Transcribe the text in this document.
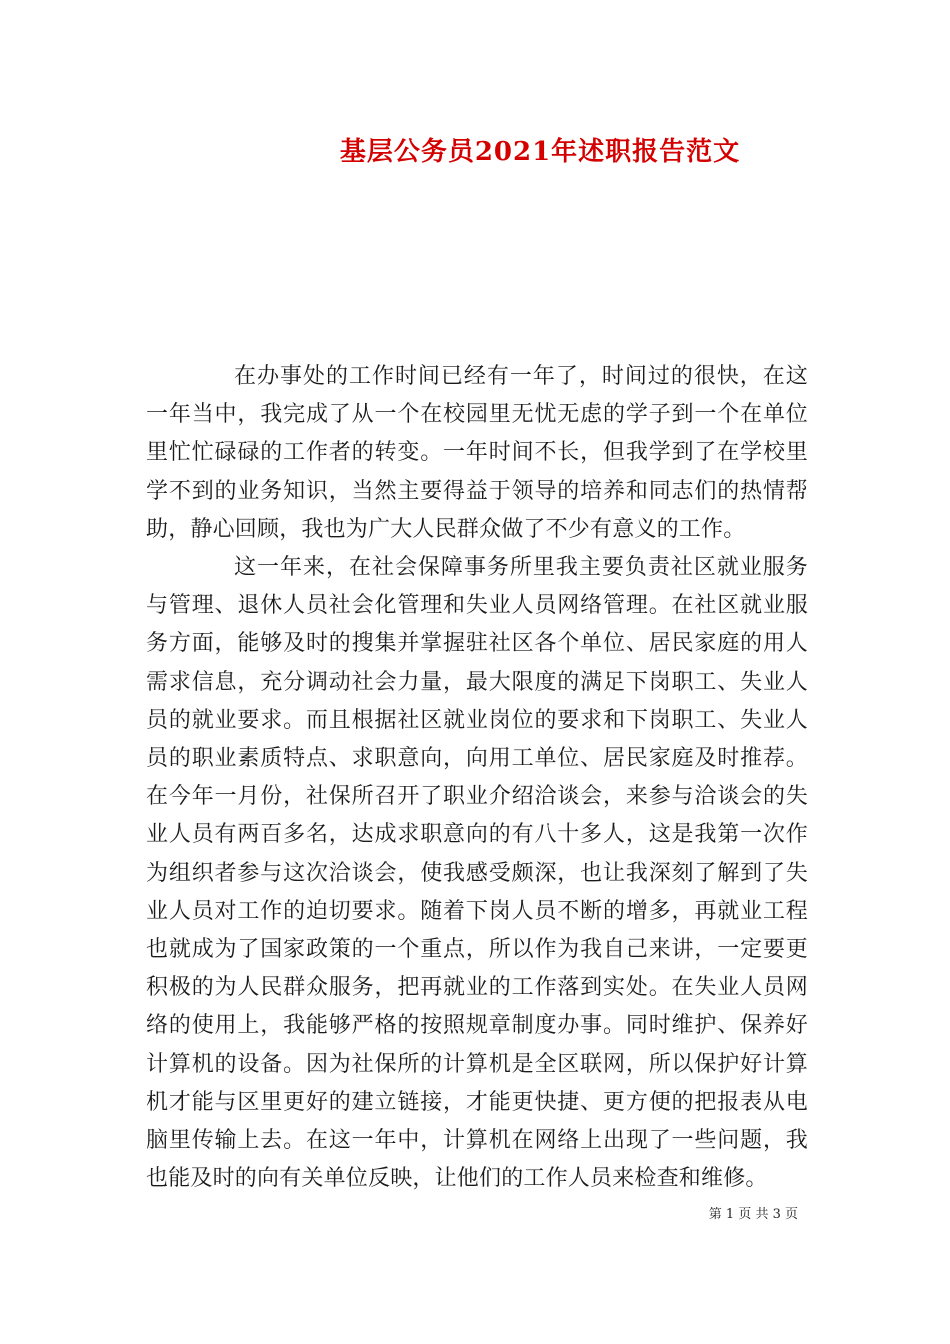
基层公务员2021年述职报告范文

在办事处的工作时间已经有一年了，时间过的很快，在这一年当中，我完成了从一个在校园里无忧无虑的学子到一个在单位里忙忙碌碌的工作者的转变。一年时间不长，但我学到了在学校里学不到的业务知识，当然主要得益于领导的培养和同志们的热情帮助，静心回顾，我也为广大人民群众做了不少有意义的工作。

这一年来，在社会保障事务所里我主要负责社区就业服务与管理、退休人员社会化管理和失业人员网络管理。在社区就业服务方面，能够及时的搜集并掌握驻社区各个单位、居民家庭的用人需求信息，充分调动社会力量，最大限度的满足下岗职工、失业人员的就业要求。而且根据社区就业岗位的要求和下岗职工、失业人员的职业素质特点、求职意向，向用工单位、居民家庭及时推荐。在今年一月份，社保所召开了职业介绍洽谈会，来参与洽谈会的失业人员有两百多名，达成求职意向的有八十多人，这是我第一次作为组织者参与这次洽谈会，使我感受颇深，也让我深刻了解到了失业人员对工作的迫切要求。随着下岗人员不断的增多，再就业工程也就成为了国家政策的一个重点，所以作为我自己来讲，一定要更积极的为人民群众服务，把再就业的工作落到实处。在失业人员网络的使用上，我能够严格的按照规章制度办事。同时维护、保养好计算机的设备。因为社保所的计算机是全区联网，所以保护好计算机才能与区里更好的建立链接，才能更快捷、更方便的把报表从电脑里传输上去。在这一年中，计算机在网络上出现了一些问题，我也能及时的向有关单位反映，让他们的工作人员来检查和维修。

第 1 页 共 3 页
